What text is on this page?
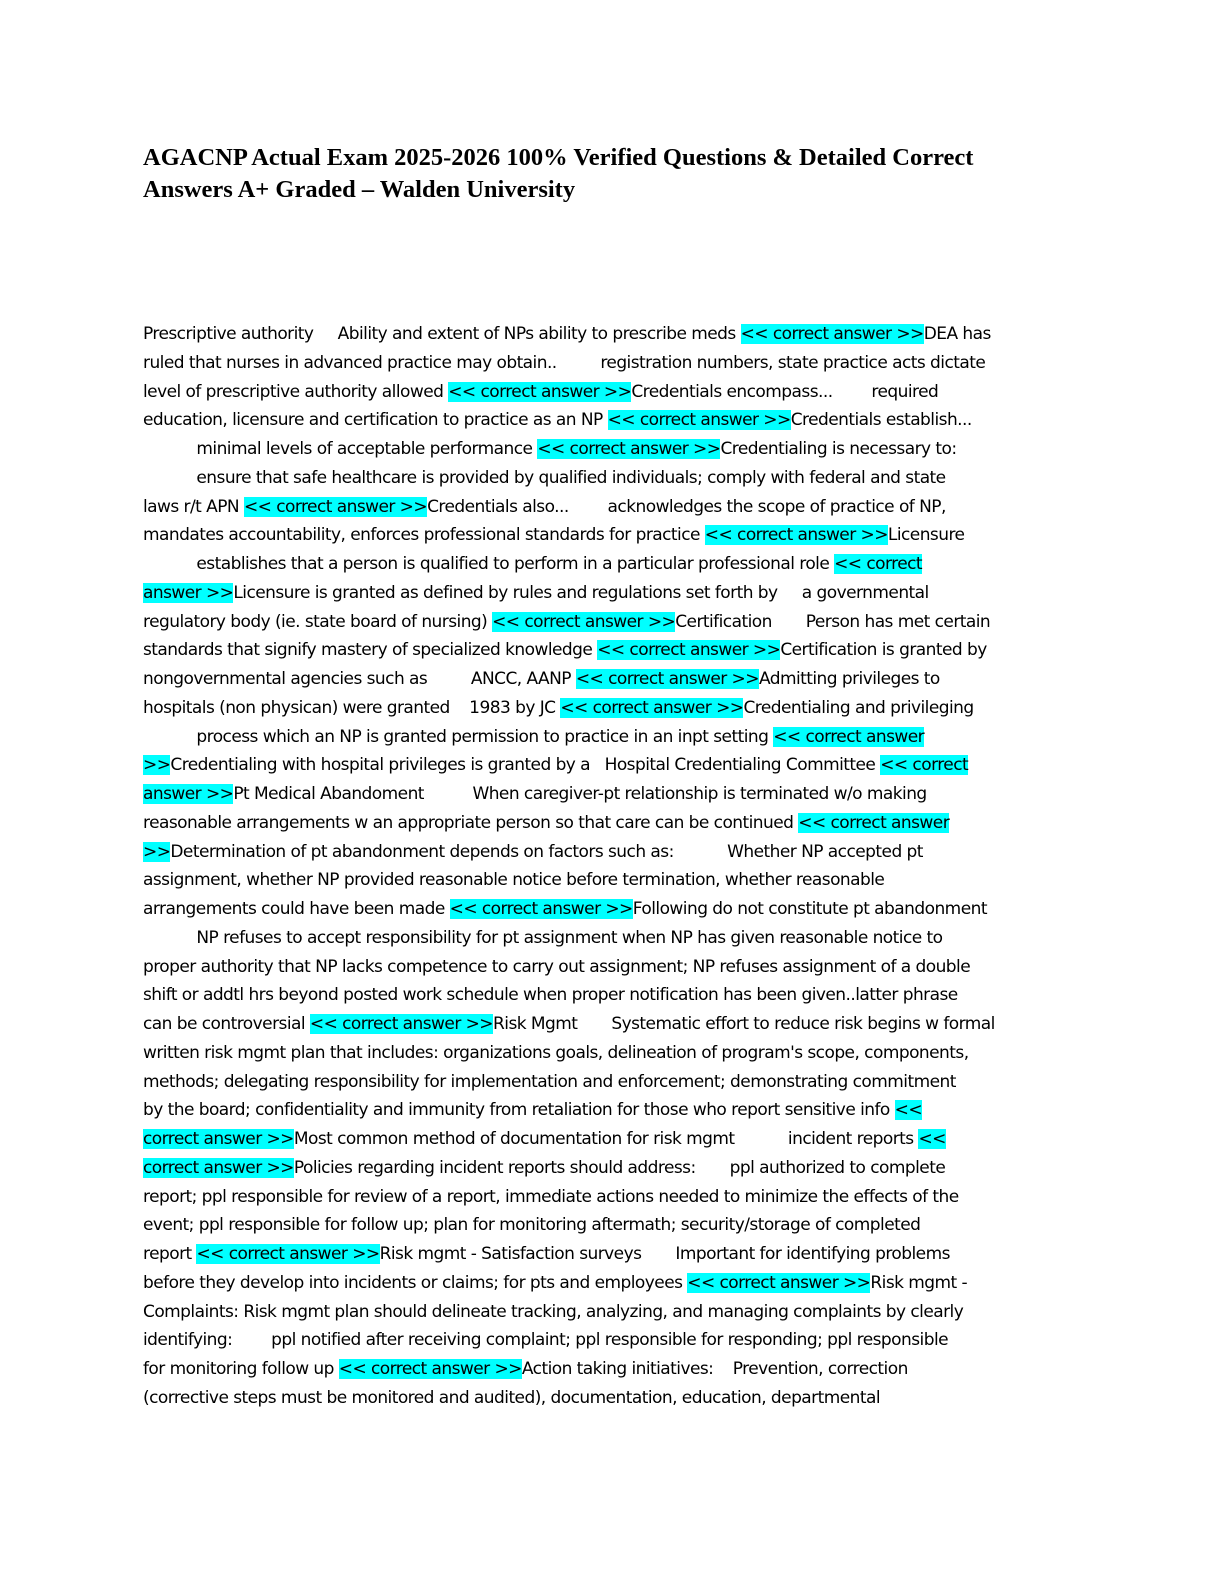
AGACNP Actual Exam 2025-2026 100% Verified Questions & Detailed Correct
Answers A+ Graded – Walden University
Prescriptive authority     Ability and extent of NPs ability to prescribe meds << correct answer >>DEA has
ruled that nurses in advanced practice may obtain..         registration numbers, state practice acts dictate
level of prescriptive authority allowed << correct answer >>Credentials encompass...        required
education, licensure and certification to practice as an NP << correct answer >>Credentials establish...
minimal levels of acceptable performance << correct answer >>Credentialing is necessary to:
ensure that safe healthcare is provided by qualified individuals; comply with federal and state
laws r/t APN << correct answer >>Credentials also...        acknowledges the scope of practice of NP,
mandates accountability, enforces professional standards for practice << correct answer >>Licensure
establishes that a person is qualified to perform in a particular professional role << correct
answer >>Licensure is granted as defined by rules and regulations set forth by     a governmental
regulatory body (ie. state board of nursing) << correct answer >>Certification       Person has met certain
standards that signify mastery of specialized knowledge << correct answer >>Certification is granted by
nongovernmental agencies such as         ANCC, AANP << correct answer >>Admitting privileges to
hospitals (non physican) were granted    1983 by JC << correct answer >>Credentialing and privileging
process which an NP is granted permission to practice in an inpt setting << correct answer
>>Credentialing with hospital privileges is granted by a   Hospital Credentialing Committee << correct
answer >>Pt Medical Abandoment          When caregiver-pt relationship is terminated w/o making
reasonable arrangements w an appropriate person so that care can be continued << correct answer
>>Determination of pt abandonment depends on factors such as:           Whether NP accepted pt
assignment, whether NP provided reasonable notice before termination, whether reasonable
arrangements could have been made << correct answer >>Following do not constitute pt abandonment
NP refuses to accept responsibility for pt assignment when NP has given reasonable notice to
proper authority that NP lacks competence to carry out assignment; NP refuses assignment of a double
shift or addtl hrs beyond posted work schedule when proper notification has been given..latter phrase
can be controversial << correct answer >>Risk Mgmt       Systematic effort to reduce risk begins w formal
written risk mgmt plan that includes: organizations goals, delineation of program's scope, components,
methods; delegating responsibility for implementation and enforcement; demonstrating commitment
by the board; confidentiality and immunity from retaliation for those who report sensitive info <<
correct answer >>Most common method of documentation for risk mgmt           incident reports <<
correct answer >>Policies regarding incident reports should address:       ppl authorized to complete
report; ppl responsible for review of a report, immediate actions needed to minimize the effects of the
event; ppl responsible for follow up; plan for monitoring aftermath; security/storage of completed
report << correct answer >>Risk mgmt - Satisfaction surveys       Important for identifying problems
before they develop into incidents or claims; for pts and employees << correct answer >>Risk mgmt -
Complaints: Risk mgmt plan should delineate tracking, analyzing, and managing complaints by clearly
identifying:        ppl notified after receiving complaint; ppl responsible for responding; ppl responsible
for monitoring follow up << correct answer >>Action taking initiatives:    Prevention, correction
(corrective steps must be monitored and audited), documentation, education, departmental
